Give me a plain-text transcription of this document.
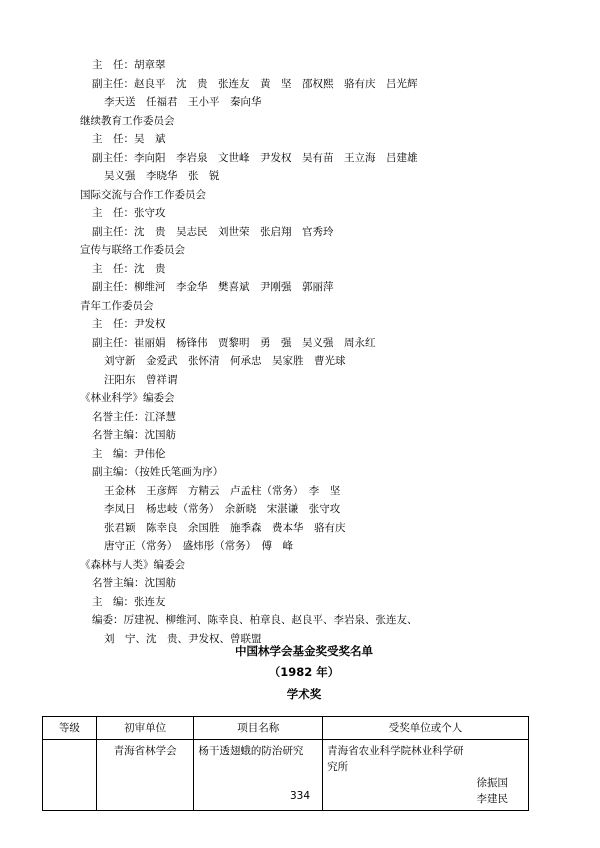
主　任：胡章翠
副主任：赵良平　沈　贵　张连友　黄　坚　邵权熙　骆有庆　吕光辉
李天送　任福君　王小平　秦向华
继续教育工作委员会
主　任：吴　斌
副主任：李向阳　李岩泉　文世峰　尹发权　吴有苗　王立海　吕建雄
吴义强　李晓华　张　锐
国际交流与合作工作委员会
主　任：张守攻
副主任：沈　贵　吴志民　刘世荣　张启翔　官秀玲
宣传与联络工作委员会
主　任：沈　贵
副主任：柳维河　李金华　樊喜斌　尹刚强　郭丽萍
青年工作委员会
主　任：尹发权
副主任：崔丽娟　杨锋伟　贾黎明　勇　强　吴义强　周永红
刘守新　金爱武　张怀清　何承忠　吴家胜　曹光球
汪阳东　曾祥谓
《林业科学》编委会
名誉主任：江泽慧
名誉主编：沈国舫
主　编：尹伟伦
副主编：（按姓氏笔画为序）
王金林　王彦辉　方精云　卢孟柱（常务）　李　坚
李凤日　杨忠岐（常务）　余新晓　宋湛谦　张守攻
张君颖　陈幸良　余国胜　施季森　费本华　骆有庆
唐守正（常务）　盛炜彤（常务）　傅　峰
《森林与人类》编委会
名誉主编：沈国舫
主　编：张连友
编委：厉建祝、柳维河、陈幸良、柏章良、赵良平、李岩泉、张连友、
刘　宁、沈　贵、尹发权、曾联盟
中国林学会基金奖受奖名单
（1982 年）
学术奖
等级	初审单位	项目名称	受奖单位或个人
	青海省林学会	杨干透翅蛾的防治研究	青海省农业科学院林业科学研
究所
徐振国
李建民
334
